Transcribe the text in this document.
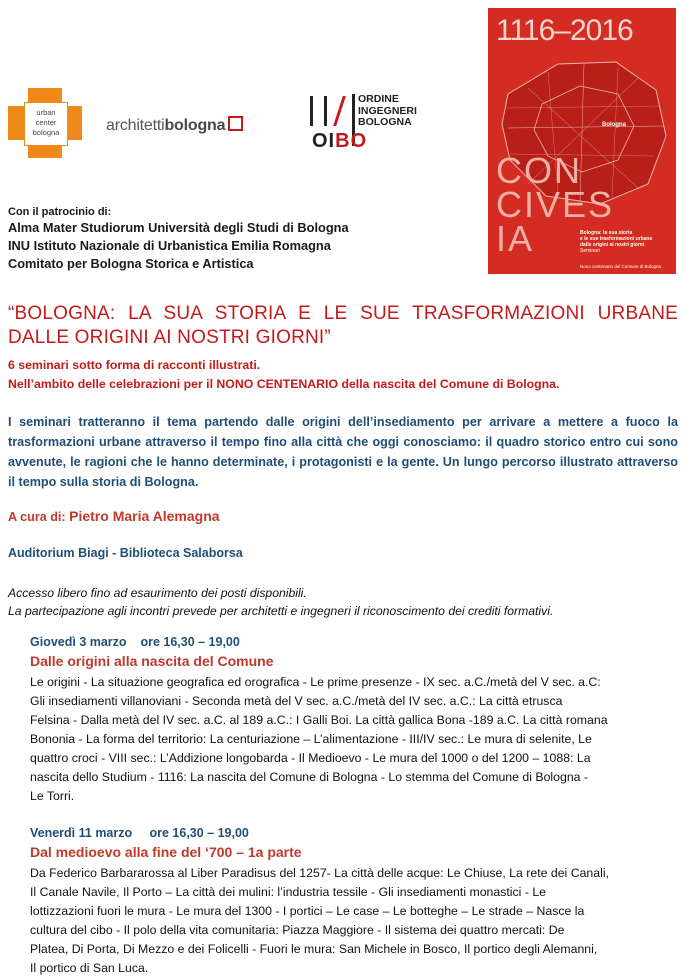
urban
center
bologna	architettibologna
ORDINE
INGEGNERI
BOLOGNA
OIBO
1116–2016
Bologna
CON
CIVES
IA	Bologna: la sua storia
e le sue trasformazioni urbane
dalle origini ai nostri giorni
Seminari
Nono centenario del Comune di Bologna
Con il patrocinio di:
Alma Mater Studiorum Università degli Studi di Bologna
INU Istituto Nazionale di Urbanistica Emilia Romagna
Comitato per Bologna Storica e Artistica
“BOLOGNA: LA SUA STORIA E LE SUE TRASFORMAZIONI URBANE DALLE ORIGINI AI NOSTRI GIORNI”
6 seminari sotto forma di racconti illustrati.
Nell’ambito delle celebrazioni per il NONO CENTENARIO della nascita del Comune di Bologna.
I seminari tratteranno il tema partendo dalle origini dell’insediamento per arrivare a mettere a fuoco la trasformazioni urbane attraverso il tempo fino alla città che oggi conosciamo: il quadro storico entro cui sono avvenute, le ragioni che le hanno determinate, i protagonisti e la gente. Un lungo percorso illustrato attraverso il tempo sulla storia di Bologna.
A cura di: Pietro Maria Alemagna
Auditorium Biagi - Biblioteca Salaborsa
Accesso libero fino ad esaurimento dei posti disponibili.
La partecipazione agli incontri prevede per architetti e ingegneri il riconoscimento dei crediti formativi.
Giovedì 3 marzo    ore 16,30 – 19,00
Dalle origini alla nascita del Comune
Le origini - La situazione geografica ed orografica - Le prime presenze - IX sec. a.C./metà del V sec. a.C:
Gli insediamenti villanoviani - Seconda metà del V sec. a.C./metà del IV sec. a.C.: La città etrusca
Felsina - Dalla metà del IV sec. a.C. al 189 a.C.: I Galli Boi. La città gallica Bona -189 a.C. La città romana
Bononia - La forma del territorio: La centuriazione – L’alimentazione - III/IV sec.: Le mura di selenite, Le
quattro croci - VIII sec.: L’Addizione longobarda - Il Medioevo - Le mura del 1000 o del 1200 – 1088: La
nascita dello Studium - 1116: La nascita del Comune di Bologna - Lo stemma del Comune di Bologna -
Le Torri.
Venerdì 11 marzo     ore 16,30 – 19,00
Dal medioevo alla fine del ‘700 – 1a parte
Da Federico Barbararossa al Liber Paradisus del 1257- La città delle acque: Le Chiuse, La rete dei Canali,
Il Canale Navile, Il Porto – La città dei mulini: l’industria tessile - Gli insediamenti monastici - Le
lottizzazioni fuori le mura - Le mura del 1300 - I portici – Le case – Le botteghe – Le strade – Nasce la
cultura del cibo - Il polo della vita comunitaria: Piazza Maggiore - Il sistema dei quattro mercati: De
Platea, Di Porta, Di Mezzo e dei Folicelli - Fuori le mura: San Michele in Bosco, Il portico degli Alemanni,
Il portico di San Luca.
